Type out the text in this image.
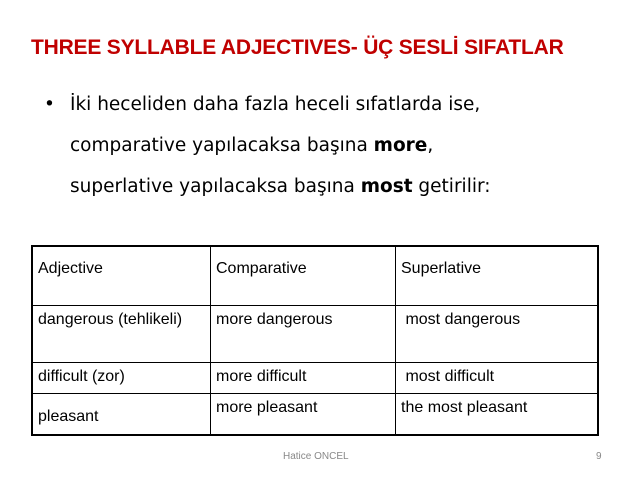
THREE SYLLABLE ADJECTIVES- ÜÇ SESLİ SIFATLAR
• İki heceliden daha fazla heceli sıfatlarda ise,
comparative yapılacaksa başına more,
superlative yapılacaksa başına most getirilir:
Adjective	Comparative	Superlative
dangerous (tehlikeli)	more dangerous	most dangerous
difficult (zor)	more difficult	most difficult
pleasant	more pleasant	the most pleasant
Hatice ONCEL	9
